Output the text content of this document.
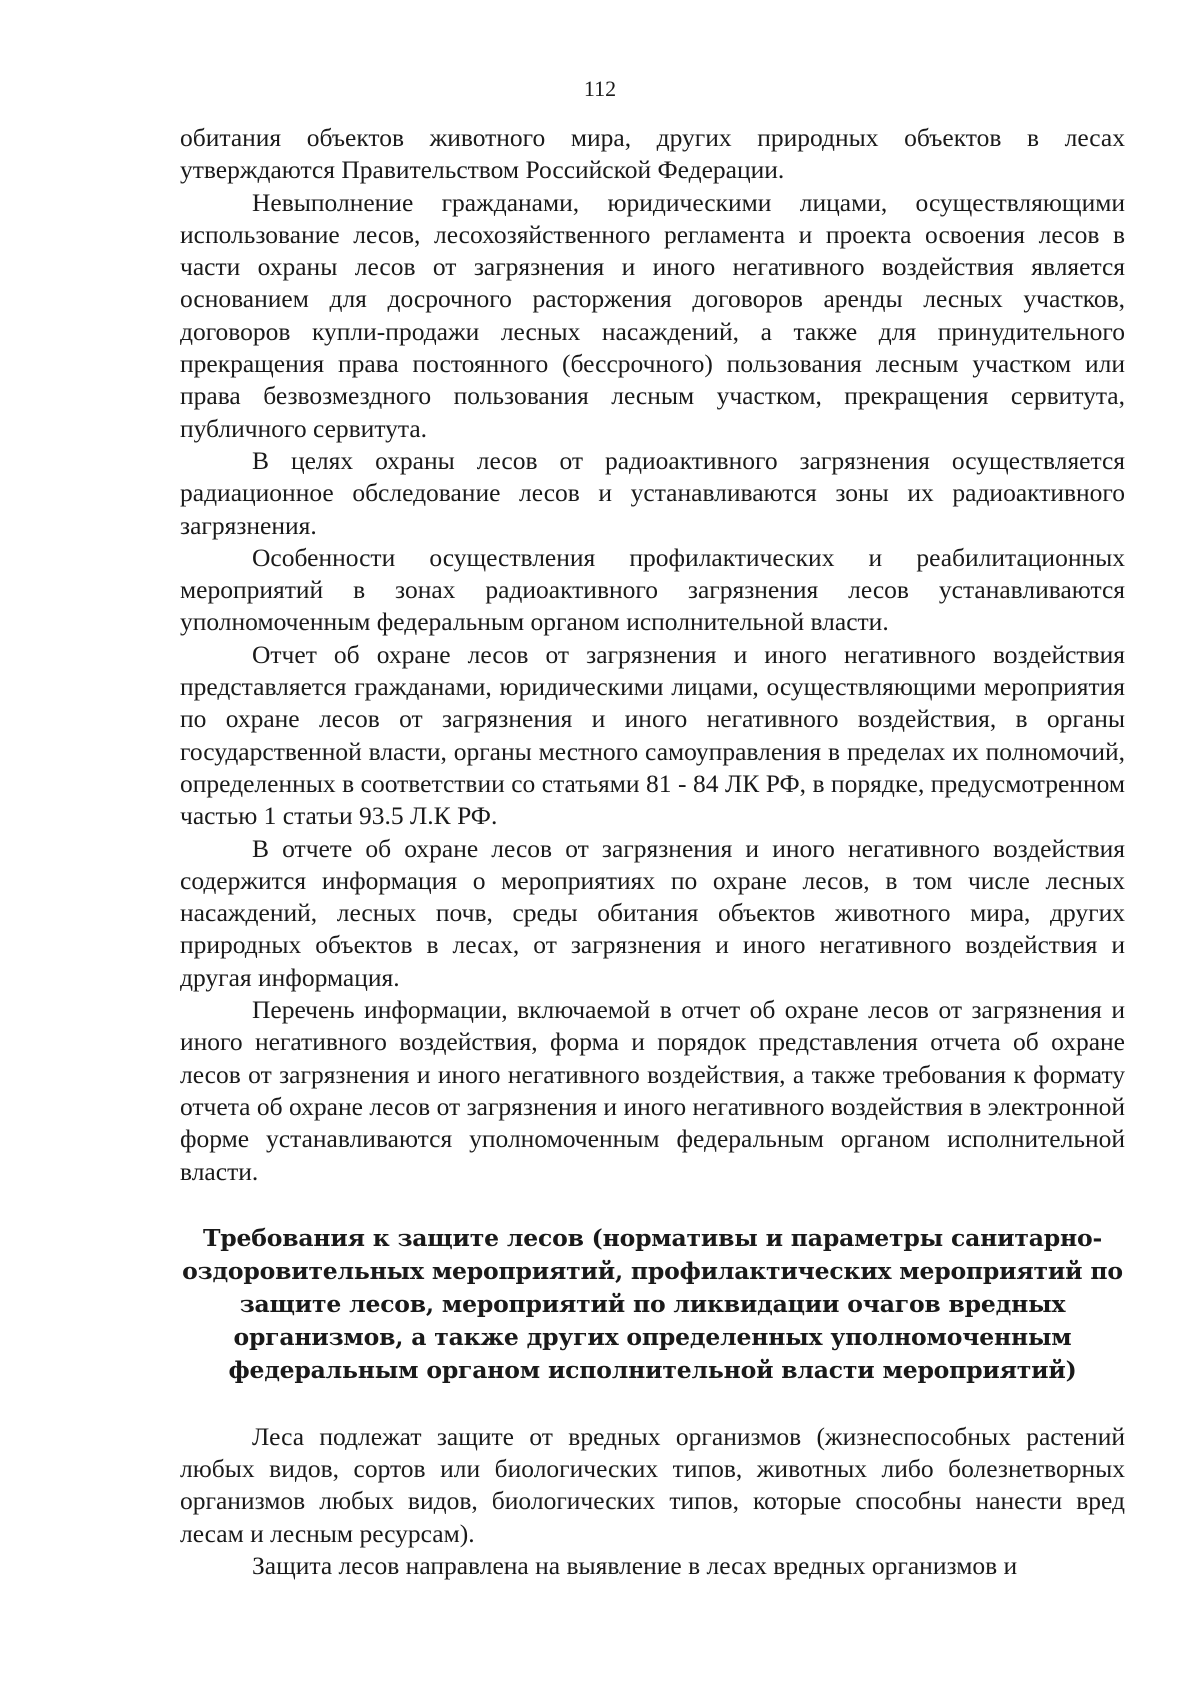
112

обитания объектов животного мира, других природных объектов в лесах утверждаются Правительством Российской Федерации.

Невыполнение гражданами, юридическими лицами, осуществляющими использование лесов, лесохозяйственного регламента и проекта освоения лесов в части охраны лесов от загрязнения и иного негативного воздействия является основанием для досрочного расторжения договоров аренды лесных участков, договоров купли-продажи лесных насаждений, а также для принудительного прекращения права постоянного (бессрочного) пользования лесным участком или права безвозмездного пользования лесным участком, прекращения сервитута, публичного сервитута.

В целях охраны лесов от радиоактивного загрязнения осуществляется радиационное обследование лесов и устанавливаются зоны их радиоактивного загрязнения.

Особенности осуществления профилактических и реабилитационных мероприятий в зонах радиоактивного загрязнения лесов устанавливаются уполномоченным федеральным органом исполнительной власти.

Отчет об охране лесов от загрязнения и иного негативного воздействия представляется гражданами, юридическими лицами, осуществляющими мероприятия по охране лесов от загрязнения и иного негативного воздействия, в органы государственной власти, органы местного самоуправления в пределах их полномочий, определенных в соответствии со статьями 81 - 84 ЛК РФ, в порядке, предусмотренном частью 1 статьи 93.5 Л.К РФ.

В отчете об охране лесов от загрязнения и иного негативного воздействия содержится информация о мероприятиях по охране лесов, в том числе лесных насаждений, лесных почв, среды обитания объектов животного мира, других природных объектов в лесах, от загрязнения и иного негативного воздействия и другая информация.

Перечень информации, включаемой в отчет об охране лесов от загрязнения и иного негативного воздействия, форма и порядок представления отчета об охране лесов от загрязнения и иного негативного воздействия, а также требования к формату отчета об охране лесов от загрязнения и иного негативного воздействия в электронной форме устанавливаются уполномоченным федеральным органом исполнительной власти.

Требования к защите лесов (нормативы и параметры санитарно-оздоровительных мероприятий, профилактических мероприятий по защите лесов, мероприятий по ликвидации очагов вредных организмов, а также других определенных уполномоченным федеральным органом исполнительной власти мероприятий)

Леса подлежат защите от вредных организмов (жизнеспособных растений любых видов, сортов или биологических типов, животных либо болезнетворных организмов любых видов, биологических типов, которые способны нанести вред лесам и лесным ресурсам).

Защита лесов направлена на выявление в лесах вредных организмов и
